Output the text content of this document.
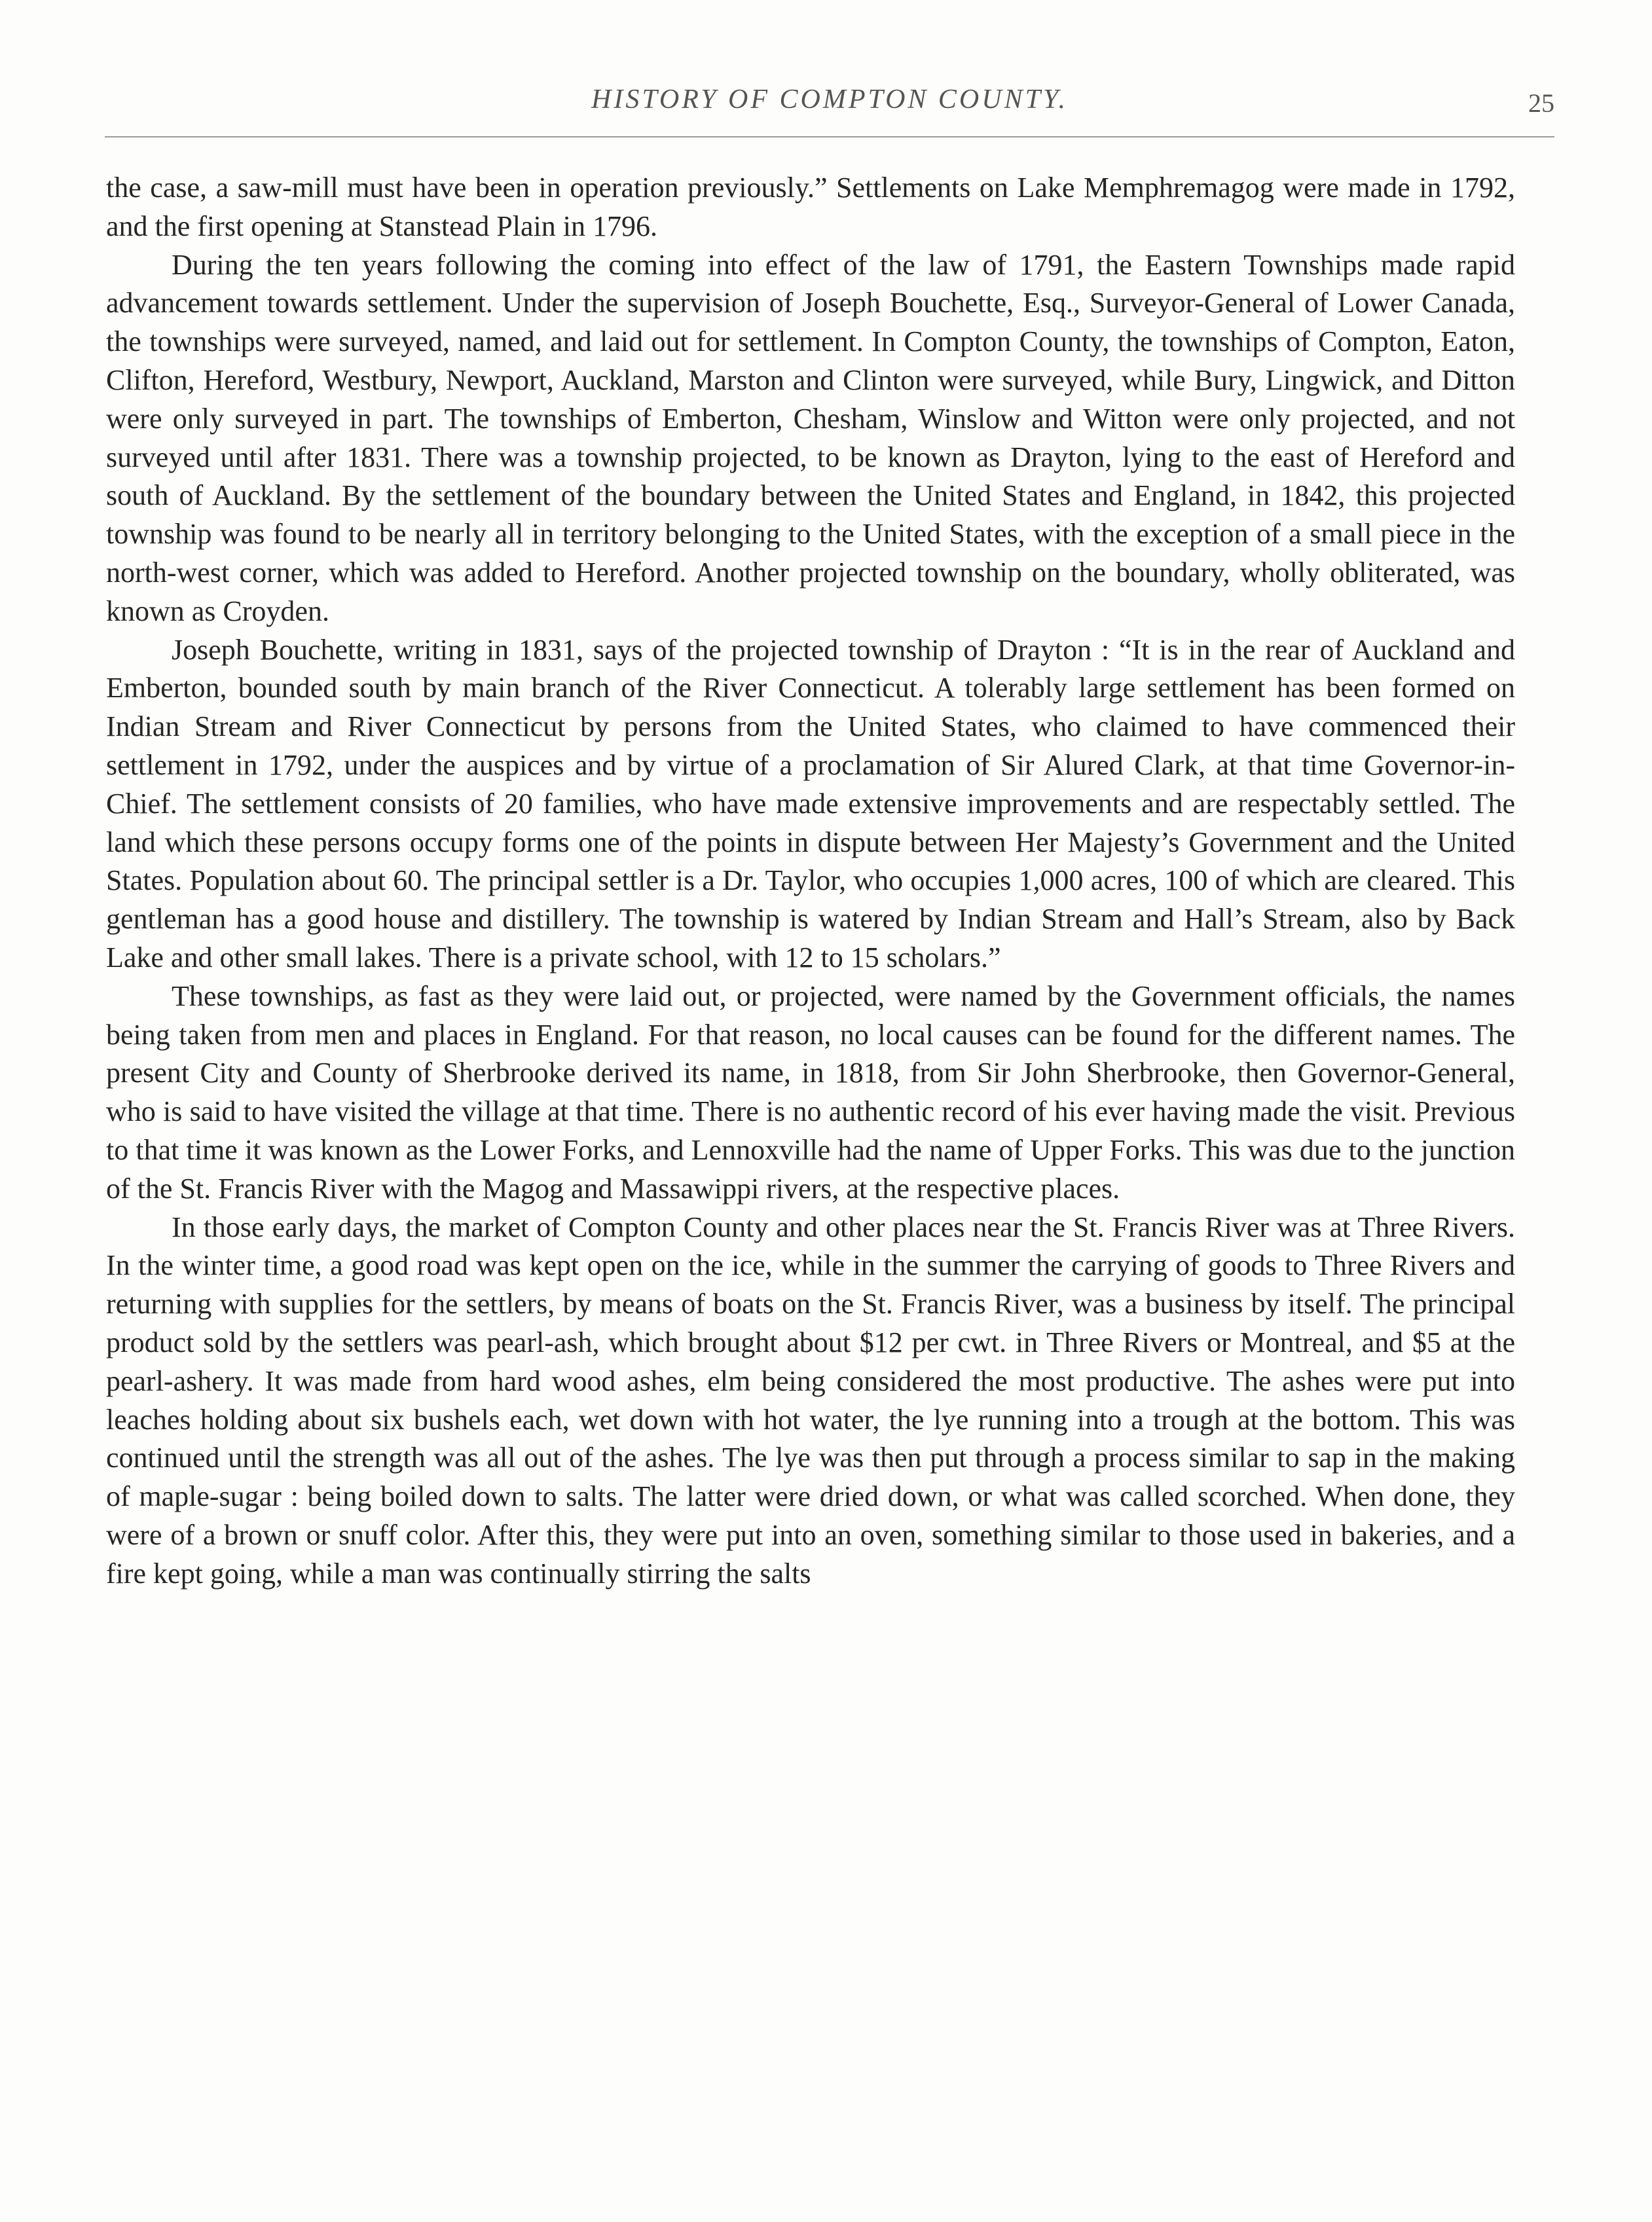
HISTORY OF COMPTON COUNTY.	25

the case, a saw-mill must have been in operation previously.” Settlements on Lake Memphremagog were made in 1792, and the first opening at Stanstead Plain in 1796.

During the ten years following the coming into effect of the law of 1791, the Eastern Townships made rapid advancement towards settlement. Under the supervision of Joseph Bouchette, Esq., Surveyor-General of Lower Canada, the townships were surveyed, named, and laid out for settlement. In Compton County, the townships of Compton, Eaton, Clifton, Hereford, Westbury, Newport, Auckland, Marston and Clinton were surveyed, while Bury, Lingwick, and Ditton were only surveyed in part. The townships of Emberton, Chesham, Winslow and Witton were only projected, and not surveyed until after 1831. There was a township projected, to be known as Drayton, lying to the east of Hereford and south of Auckland. By the settlement of the boundary between the United States and England, in 1842, this projected township was found to be nearly all in territory belonging to the United States, with the exception of a small piece in the north-west corner, which was added to Hereford. Another projected township on the boundary, wholly obliterated, was known as Croyden.

Joseph Bouchette, writing in 1831, says of the projected township of Drayton : “It is in the rear of Auckland and Emberton, bounded south by main branch of the River Connecticut. A tolerably large settlement has been formed on Indian Stream and River Connecticut by persons from the United States, who claimed to have commenced their settlement in 1792, under the auspices and by virtue of a proclamation of Sir Alured Clark, at that time Governor-in-Chief. The settlement consists of 20 families, who have made extensive improvements and are respectably settled. The land which these persons occupy forms one of the points in dispute between Her Majesty’s Government and the United States. Population about 60. The principal settler is a Dr. Taylor, who occupies 1,000 acres, 100 of which are cleared. This gentleman has a good house and distillery. The township is watered by Indian Stream and Hall’s Stream, also by Back Lake and other small lakes. There is a private school, with 12 to 15 scholars.”

These townships, as fast as they were laid out, or projected, were named by the Government officials, the names being taken from men and places in England. For that reason, no local causes can be found for the different names. The present City and County of Sherbrooke derived its name, in 1818, from Sir John Sherbrooke, then Governor-General, who is said to have visited the village at that time. There is no authentic record of his ever having made the visit. Previous to that time it was known as the Lower Forks, and Lennoxville had the name of Upper Forks. This was due to the junction of the St. Francis River with the Magog and Massawippi rivers, at the respective places.

In those early days, the market of Compton County and other places near the St. Francis River was at Three Rivers. In the winter time, a good road was kept open on the ice, while in the summer the carrying of goods to Three Rivers and returning with supplies for the settlers, by means of boats on the St. Francis River, was a business by itself. The principal product sold by the settlers was pearl-ash, which brought about $12 per cwt. in Three Rivers or Montreal, and $5 at the pearl-ashery. It was made from hard wood ashes, elm being considered the most productive. The ashes were put into leaches holding about six bushels each, wet down with hot water, the lye running into a trough at the bottom. This was continued until the strength was all out of the ashes. The lye was then put through a process similar to sap in the making of maple-sugar : being boiled down to salts. The latter were dried down, or what was called scorched. When done, they were of a brown or snuff color. After this, they were put into an oven, something similar to those used in bakeries, and a fire kept going, while a man was continually stirring the salts
